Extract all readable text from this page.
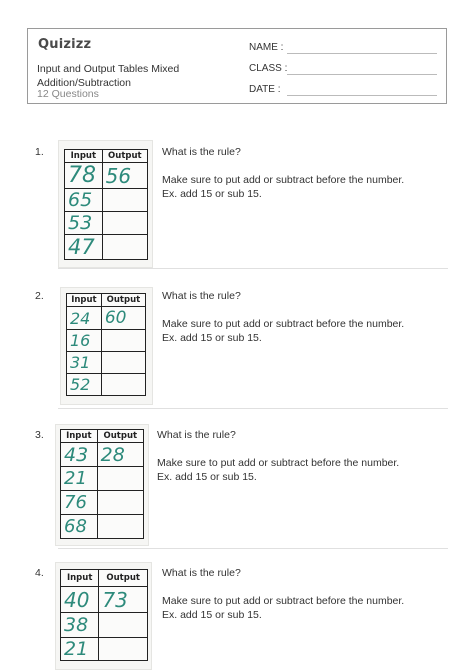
Quizizz
Input and Output Tables Mixed Addition/Subtraction
12 Questions
NAME :
CLASS :
DATE :
1.	Input	Output
78	56
65	
53	
47	
What is the rule?
Make sure to put add or subtract before the number.
Ex. add 15 or sub 15.
2.	Input	Output
24	60
16	
31	
52	
What is the rule?
Make sure to put add or subtract before the number.
Ex. add 15 or sub 15.
3.	Input	Output
43	28
21	
76	
68	
What is the rule?
Make sure to put add or subtract before the number.
Ex. add 15 or sub 15.
4.	Input	Output
40	73
38	
21	
What is the rule?
Make sure to put add or subtract before the number.
Ex. add 15 or sub 15.
